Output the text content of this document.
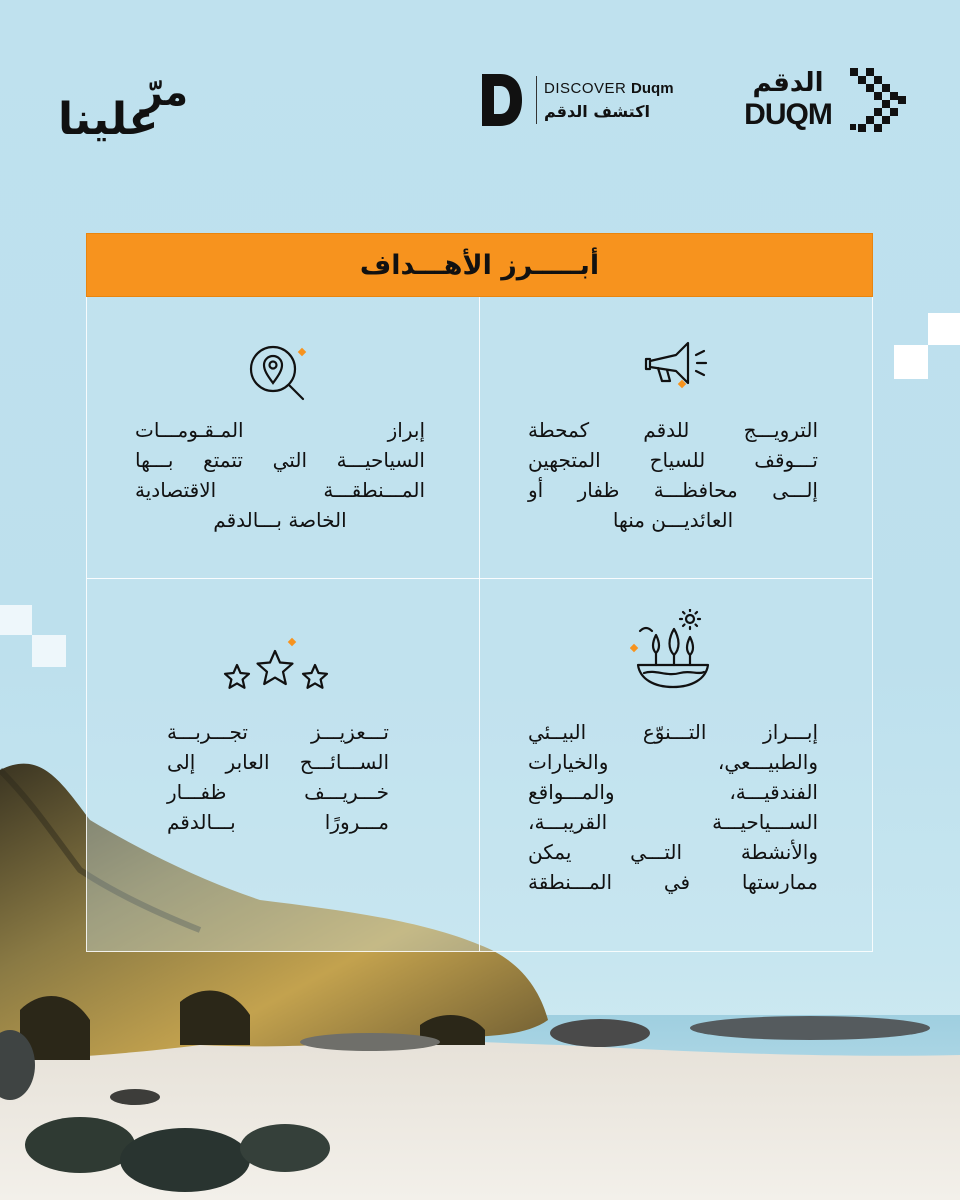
مرّ
علينا
DISCOVER Duqm
اكتشف الدقم
الدقم
DUQM
أبـــــرز الأهـــداف
الترويـــج للدقم كمحطة
تـــوقف للسياح المتجهين
إلـــى محافظـــة ظفار أو
العائديـــن منها
إبراز المـقـومـــات
السياحيـــة التي تتمتع بـــها
المـــنطقـــة الاقتصادية
الخاصة بـــالدقم
إبـــراز التـــنوّع البيــئي
والطبيـــعي، والخيارات
الفندقيـــة، والمـــواقع
الســـياحيـــة القريبـــة،
والأنشطة التـــي يمكن
ممارستها في المـــنطقة
تـــعزيـــز تجـــربـــة
الســـائـــح العابر إلى
خـــريـــف ظفـــار
مـــرورًا بـــالدقم
